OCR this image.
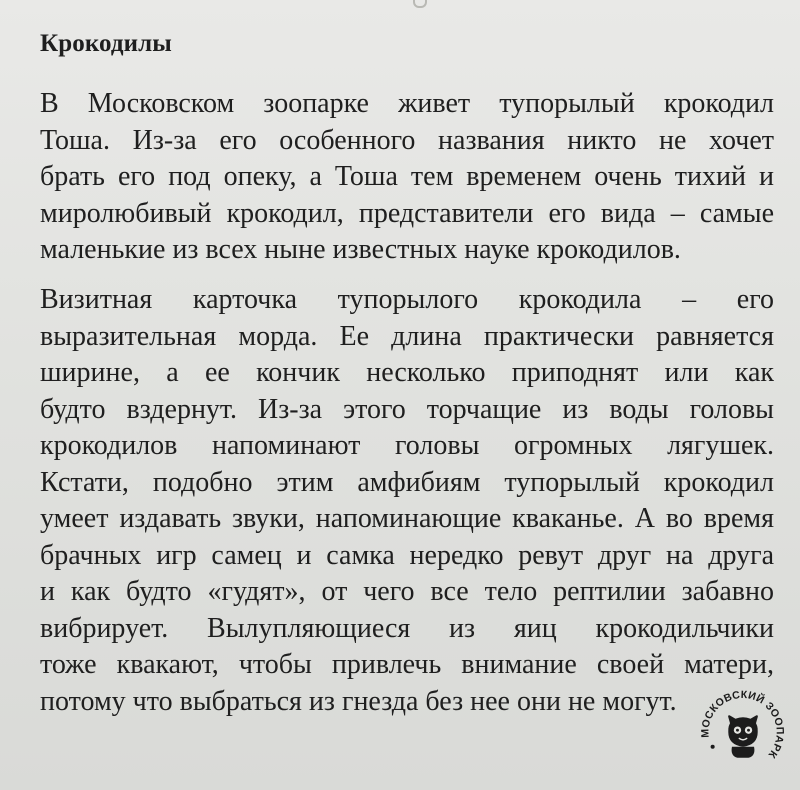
Крокодилы
В Московском зоопарке живет тупорылый крокодил
Тоша. Из-за его особенного названия никто не хочет
брать его под опеку, а Тоша тем временем очень тихий и
миролюбивый крокодил, представители его вида – самые
маленькие из всех ныне известных науке крокодилов.
Визитная карточка тупорылого крокодила – его
выразительная морда. Ее длина практически равняется
ширине, а ее кончик несколько приподнят или как
будто вздернут. Из-за этого торчащие из воды головы
крокодилов напоминают головы огромных лягушек.
Кстати, подобно этим амфибиям тупорылый крокодил
умеет издавать звуки, напоминающие кваканье. А во время
брачных игр самец и самка нередко ревут друг на друга
и как будто «гудят», от чего все тело рептилии забавно
вибрирует. Вылупляющиеся из яиц крокодильчики
тоже квакают, чтобы привлечь внимание своей матери,
потому что выбраться из гнезда без нее они не могут.
МОСКОВСКИЙ ЗООПАРК
